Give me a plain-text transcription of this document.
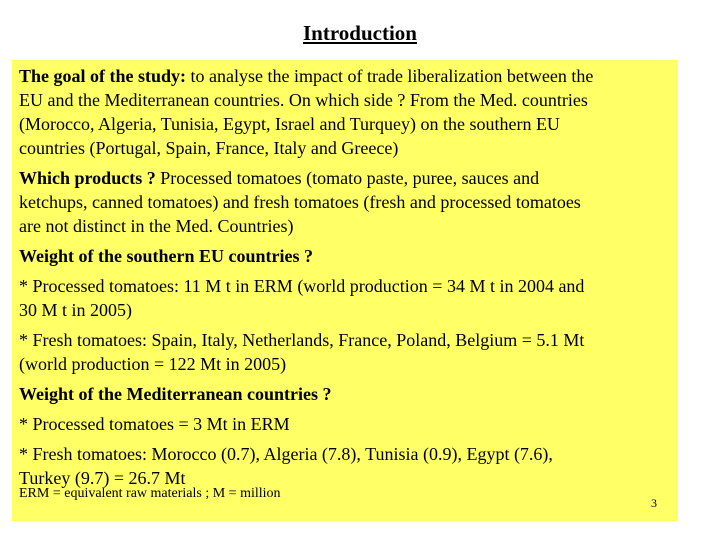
Introduction
The goal of the study: to analyse the impact of trade liberalization between the
EU and the Mediterranean countries. On which side ? From the Med. countries
(Morocco, Algeria, Tunisia, Egypt, Israel and Turquey) on the southern EU
countries (Portugal, Spain, France, Italy and Greece)
Which products ? Processed tomatoes (tomato paste, puree, sauces and
ketchups, canned tomatoes) and fresh tomatoes (fresh and processed tomatoes
are not distinct in the Med. Countries)
Weight of the southern EU countries ?
* Processed tomatoes: 11 M t in ERM (world production = 34 M t in 2004 and
30 M t in 2005)
* Fresh tomatoes: Spain, Italy, Netherlands, France, Poland, Belgium = 5.1 Mt
(world production = 122 Mt in 2005)
Weight of the Mediterranean countries ?
* Processed tomatoes = 3 Mt in ERM
* Fresh tomatoes: Morocco (0.7), Algeria (7.8), Tunisia (0.9), Egypt (7.6),
Turkey (9.7) = 26.7 Mt
ERM = equivalent raw materials ; M = million
3
